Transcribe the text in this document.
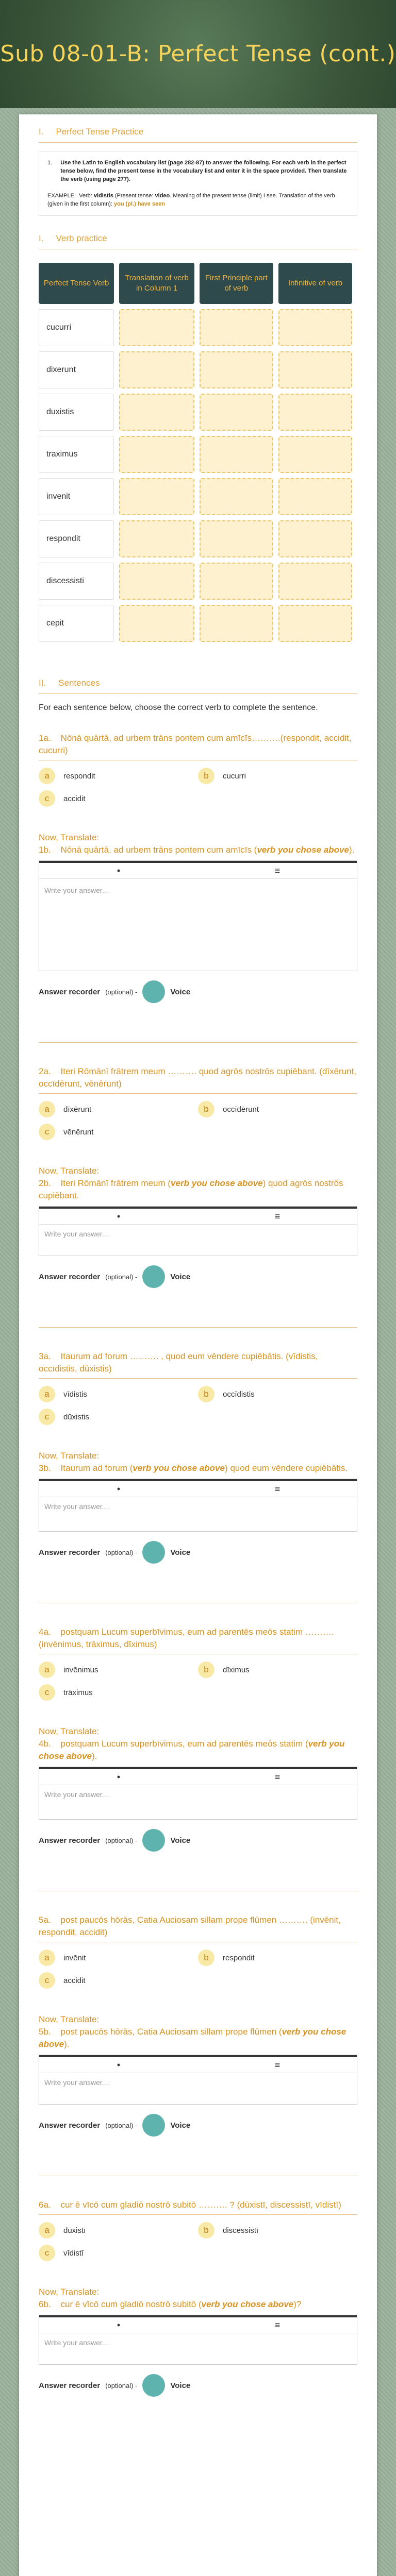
Sub 08-01-B: Perfect Tense (cont.)
I. Perfect Tense Practice
1. Use the Latin to English vocabulary list (page 282-87) to answer the following. For each verb in the perfect tense below, find the present tense in the vocabulary list and enter it in the space provided. Then translate the verb (using page 277).
EXAMPLE: Verb: vidistis (Present tense: video. Meaning of the present tense (limit) I see. Translation of the verb (given in the first column): you (pl.) have seen
I. Verb practice
Perfect Tense Verb	Translation of verb in Column 1	First Principle part of verb	Infinitive of verb
cucurri			
dixerunt			
duxistis			
traximus			
invenit			
respondit			
discessisti			
cepit			
II. Sentences
For each sentence below, choose the correct verb to complete the sentence.
1a. Nōnā quārtā, ad urbem trāns pontem cum amīcīs……….(respondit, accidit, cucurri)
a	respondit	b	cucurri
c	accidit
Now, Translate:
1b. Nōnā quārtā, ad urbem trāns pontem cum amīcīs (verb you chose above).
•	≡
Write your answer....
Answer recorder (optional) -	Voice
2a. Iteri Rōmānī frātrem meum ………. quod agrōs nostrōs cupiēbant. (dīxērunt, occīdērunt, vēnērunt)
a	dīxērunt	b	occīdērunt
c	vēnērunt
Now, Translate:
2b. Iteri Rōmānī frātrem meum (verb you chose above) quod agrōs nostrōs cupiēbant.
•	≡
Write your answer....
Answer recorder (optional) -	Voice
3a. Itaurum ad forum ………. , quod eum vēndere cupiēbātis. (vīdistis, occīdistis, dūxistis)
a	vīdistis	b	occīdistis
c	dūxistis
Now, Translate:
3b. Itaurum ad forum (verb you chose above) quod eum vēndere cupiēbātis.
•	≡
Write your answer....
Answer recorder (optional) -	Voice
4a. postquam Lucum superbīvimus, eum ad parentēs meōs statim ………. (invēnimus, trāximus, dīximus)
a	invēnimus	b	dīximus
c	trāximus
Now, Translate:
4b. postquam Lucum superbīvimus, eum ad parentēs meōs statim (verb you chose above).
•	≡
Write your answer....
Answer recorder (optional) -	Voice
5a. post paucōs hōrās, Catia Auciosam sillam prope flūmen ………. (invēnit, respondit, accidit)
a	invēnit	b	respondit
c	accidit
Now, Translate:
5b. post paucōs hōrās, Catia Auciosam sillam prope flūmen (verb you chose above).
•	≡
Write your answer....
Answer recorder (optional) -	Voice
6a. cur ē vīcō cum gladiō nostrō subitō ………. ? (dūxistī, discessistī, vīdistī)
a	dūxistī	b	discessistī
c	vīdistī
Now, Translate:
6b. cur ē vīcō cum gladiō nostrō subitō (verb you chose above)?
•	≡
Write your answer....
Answer recorder (optional) -	Voice
